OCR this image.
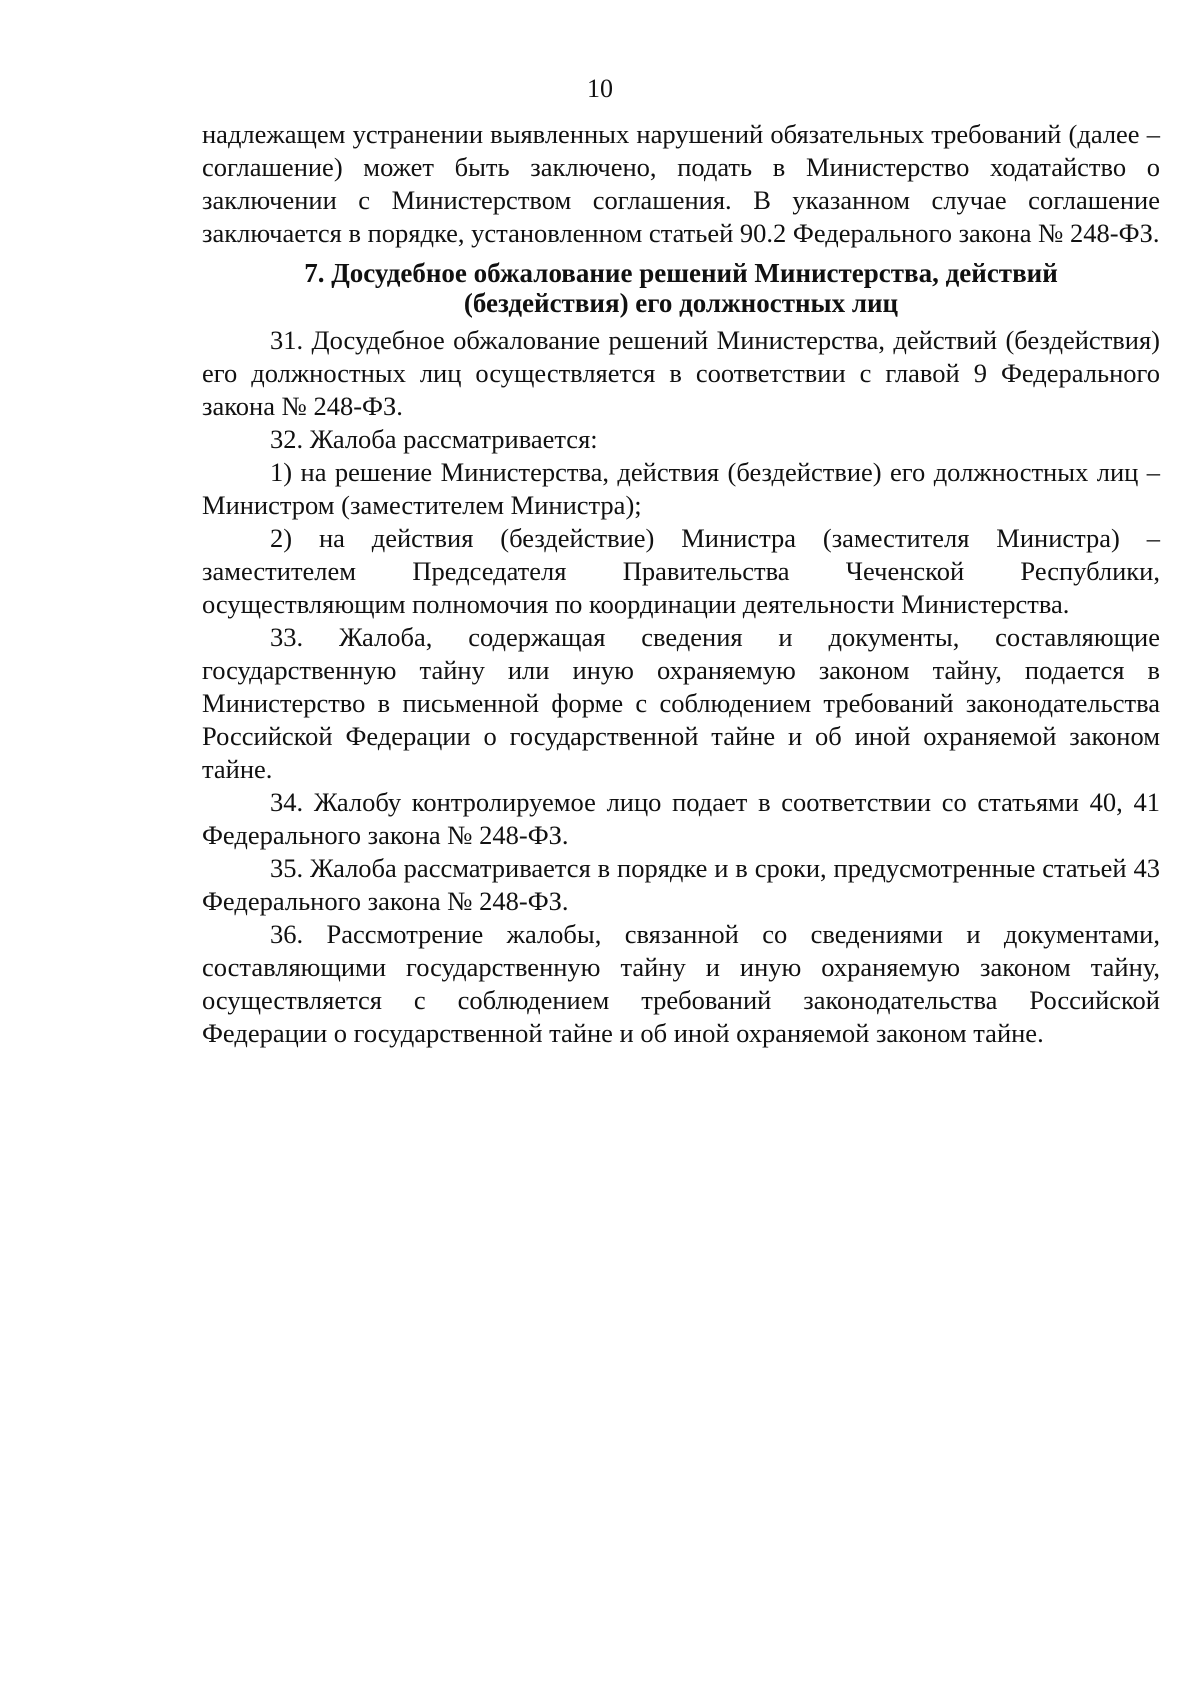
10

надлежащем устранении выявленных нарушений обязательных требований (далее – соглашение) может быть заключено, подать в Министерство ходатайство о заключении с Министерством соглашения. В указанном случае соглашение заключается в порядке, установленном статьей 90.2 Федерального закона № 248-ФЗ.

7. Досудебное обжалование решений Министерства, действий
(бездействия) его должностных лиц

31. Досудебное обжалование решений Министерства, действий (бездействия) его должностных лиц осуществляется в соответствии с главой 9 Федерального закона № 248-ФЗ.

32. Жалоба рассматривается:

1) на решение Министерства, действия (бездействие) его должностных лиц – Министром (заместителем Министра);

2) на действия (бездействие) Министра (заместителя Министра) – заместителем Председателя Правительства Чеченской Республики, осуществляющим полномочия по координации деятельности Министерства.

33. Жалоба, содержащая сведения и документы, составляющие государственную тайну или иную охраняемую законом тайну, подается в Министерство в письменной форме с соблюдением требований законодательства Российской Федерации о государственной тайне и об иной охраняемой законом тайне.

34. Жалобу контролируемое лицо подает в соответствии со статьями 40, 41 Федерального закона № 248-ФЗ.

35. Жалоба рассматривается в порядке и в сроки, предусмотренные статьей 43 Федерального закона № 248-ФЗ.

36. Рассмотрение жалобы, связанной со сведениями и документами, составляющими государственную тайну и иную охраняемую законом тайну, осуществляется с соблюдением требований законодательства Российской Федерации о государственной тайне и об иной охраняемой законом тайне.
